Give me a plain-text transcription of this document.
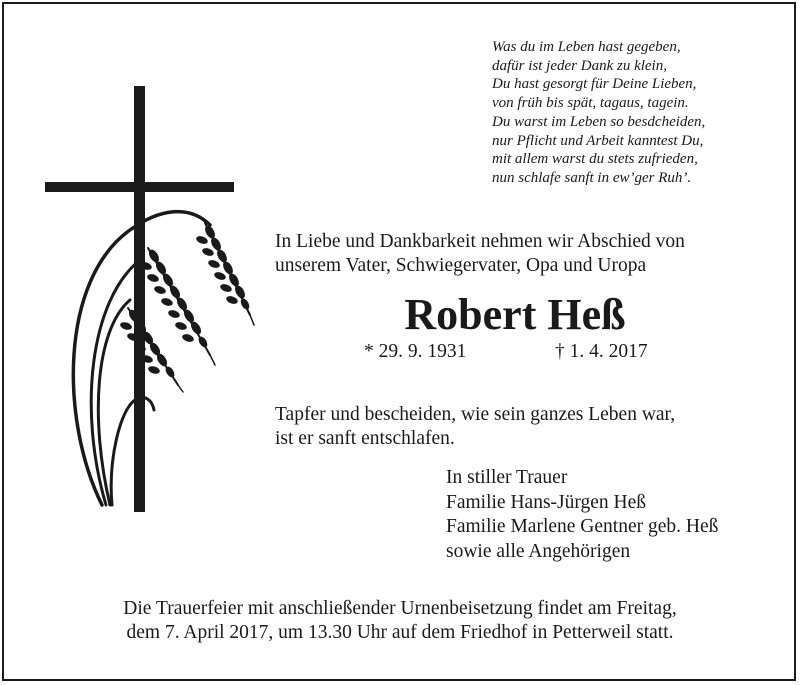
Was du im Leben hast gegeben,
dafür ist jeder Dank zu klein,
Du hast gesorgt für Deine Lieben,
von früh bis spät, tagaus, tagein.
Du warst im Leben so besdcheiden,
nur Pflicht und Arbeit kanntest Du,
mit allem warst du stets zufrieden,
nun schlafe sanft in ew’ger Ruh’.
In Liebe und Dankbarkeit nehmen wir Abschied von
unserem Vater, Schwiegervater, Opa und Uropa
Robert Heß
* 29. 9. 1931	† 1. 4. 2017
Tapfer und bescheiden, wie sein ganzes Leben war,
ist er sanft entschlafen.
In stiller Trauer
Familie Hans-Jürgen Heß
Familie Marlene Gentner geb. Heß
sowie alle Angehörigen
Die Trauerfeier mit anschließender Urnenbeisetzung findet am Freitag,
dem 7. April 2017, um 13.30 Uhr auf dem Friedhof in Petterweil statt.
